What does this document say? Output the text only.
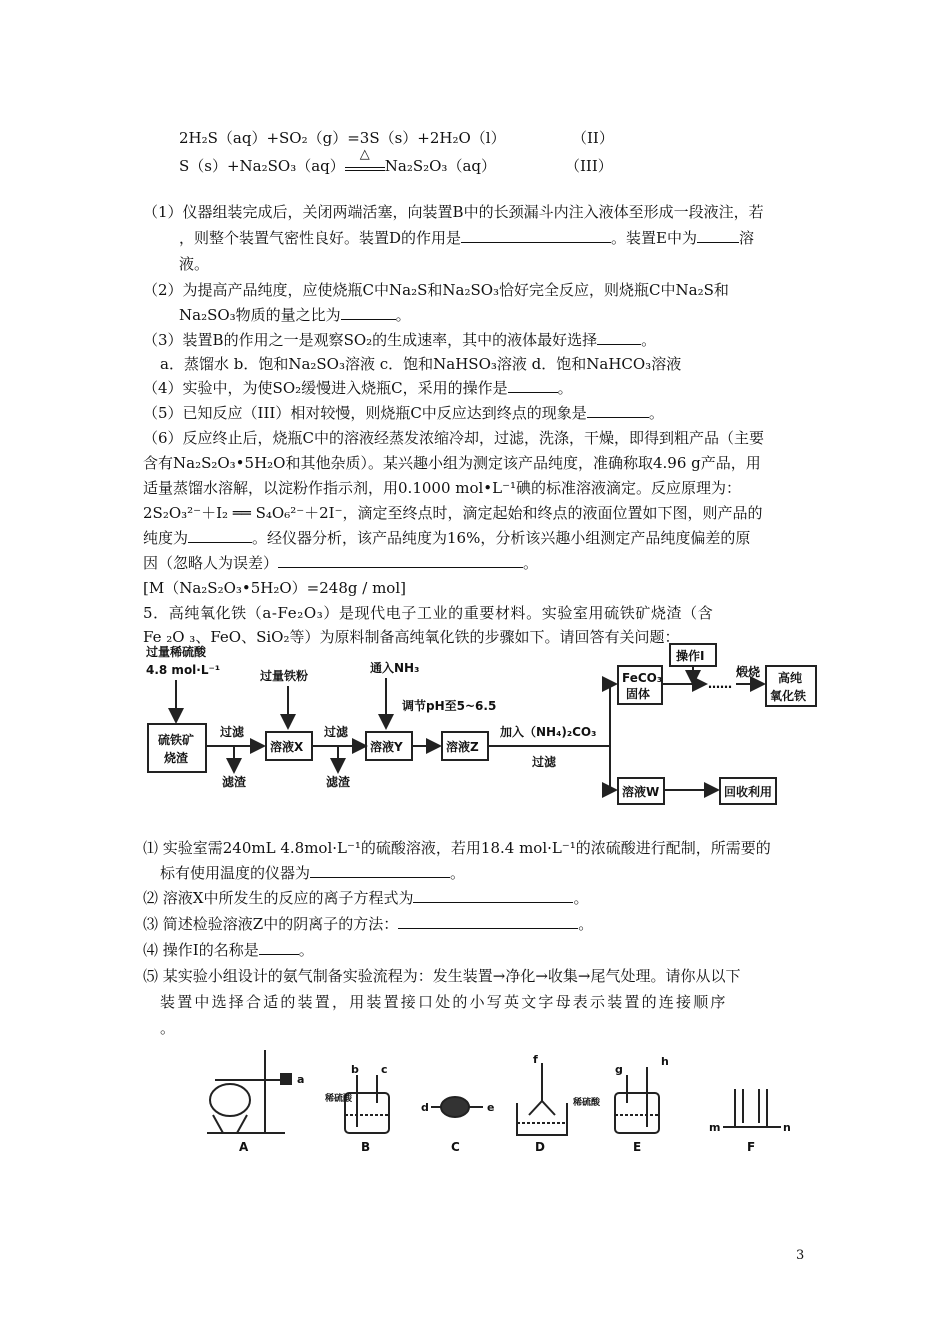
2H₂S（aq）+SO₂（g）=3S（s）+2H₂O（l）	（II）
S（s）+Na₂SO₃（aq）
△
Na₂S₂O₃（aq）	（III）
（1）仪器组装完成后，关闭两端活塞，向装置B中的长颈漏斗内注入液体至形成一段液注，若
，则整个装置气密性良好。装置D的作用是	。装置E中为	溶
液。
（2）为提高产品纯度，应使烧瓶C中Na₂S和Na₂SO₃恰好完全反应，则烧瓶C中Na₂S和
Na₂SO₃物质的量之比为	。
（3）装置B的作用之一是观察SO₂的生成速率，其中的液体最好选择	。
a．蒸馏水 b．饱和Na₂SO₃溶液 c．饱和NaHSO₃溶液 d．饱和NaHCO₃溶液
（4）实验中，为使SO₂缓慢进入烧瓶C，采用的操作是	。
（5）已知反应（III）相对较慢，则烧瓶C中反应达到终点的现象是	。
（6）反应终止后，烧瓶C中的溶液经蒸发浓缩冷却，过滤，洗涤，干燥，即得到粗产品（主要
含有Na₂S₂O₃•5H₂O和其他杂质）。某兴趣小组为测定该产品纯度，准确称取4.96 g产品，用
适量蒸馏水溶解，以淀粉作指示剂，用0.1000 mol•L⁻¹碘的标准溶液滴定。反应原理为：
2S₂O₃²⁻＋I₂ ══ S₄O₆²⁻＋2I⁻，滴定至终点时，滴定起始和终点的液面位置如下图，则产品的
纯度为	。经仪器分析，该产品纯度为16%，分析该兴趣小组测定产品纯度偏差的原
因（忽略人为误差）	。
[M（Na₂S₂O₃•5H₂O）=248g / mol]
5．高纯氧化铁（a-Fe₂O₃）是现代电子工业的重要材料。实验室用硫铁矿烧渣（含
Fe ₂O ₃、FeO、SiO₂等）为原料制备高纯氧化铁的步骤如下。请回答有关问题：
过量稀硫酸
4.8 mol·L⁻¹
硫铁矿
烧渣
过滤
滤渣
过量铁粉
溶液X
过滤
滤渣
通入NH₃
调节pH至5~6.5
溶液Y	溶液Z
加入（NH₄)₂CO₃
过滤
FeCO₃
固体
……
操作Ⅰ
煅烧 高纯
氧化铁
溶液W	回收利用
⑴ 实验室需240mL 4.8mol·L⁻¹的硫酸溶液，若用18.4 mol·L⁻¹的浓硫酸进行配制，所需要的
标有使用温度的仪器为	。
⑵ 溶液X中所发生的反应的离子方程式为	。
⑶ 简述检验溶液Z中的阴离子的方法：	。
⑷ 操作I的名称是	。
⑸ 某实验小组设计的氨气制备实验流程为：发生装置→净化→收集→尾气处理。请你从以下
装置中选择合适的装置，用装置接口处的小写英文字母表示装置的连接顺序
。
a
b c
d	e
f
g
h
m	n
稀硫酸	稀硫酸
A	B	C	D	E	F
3
